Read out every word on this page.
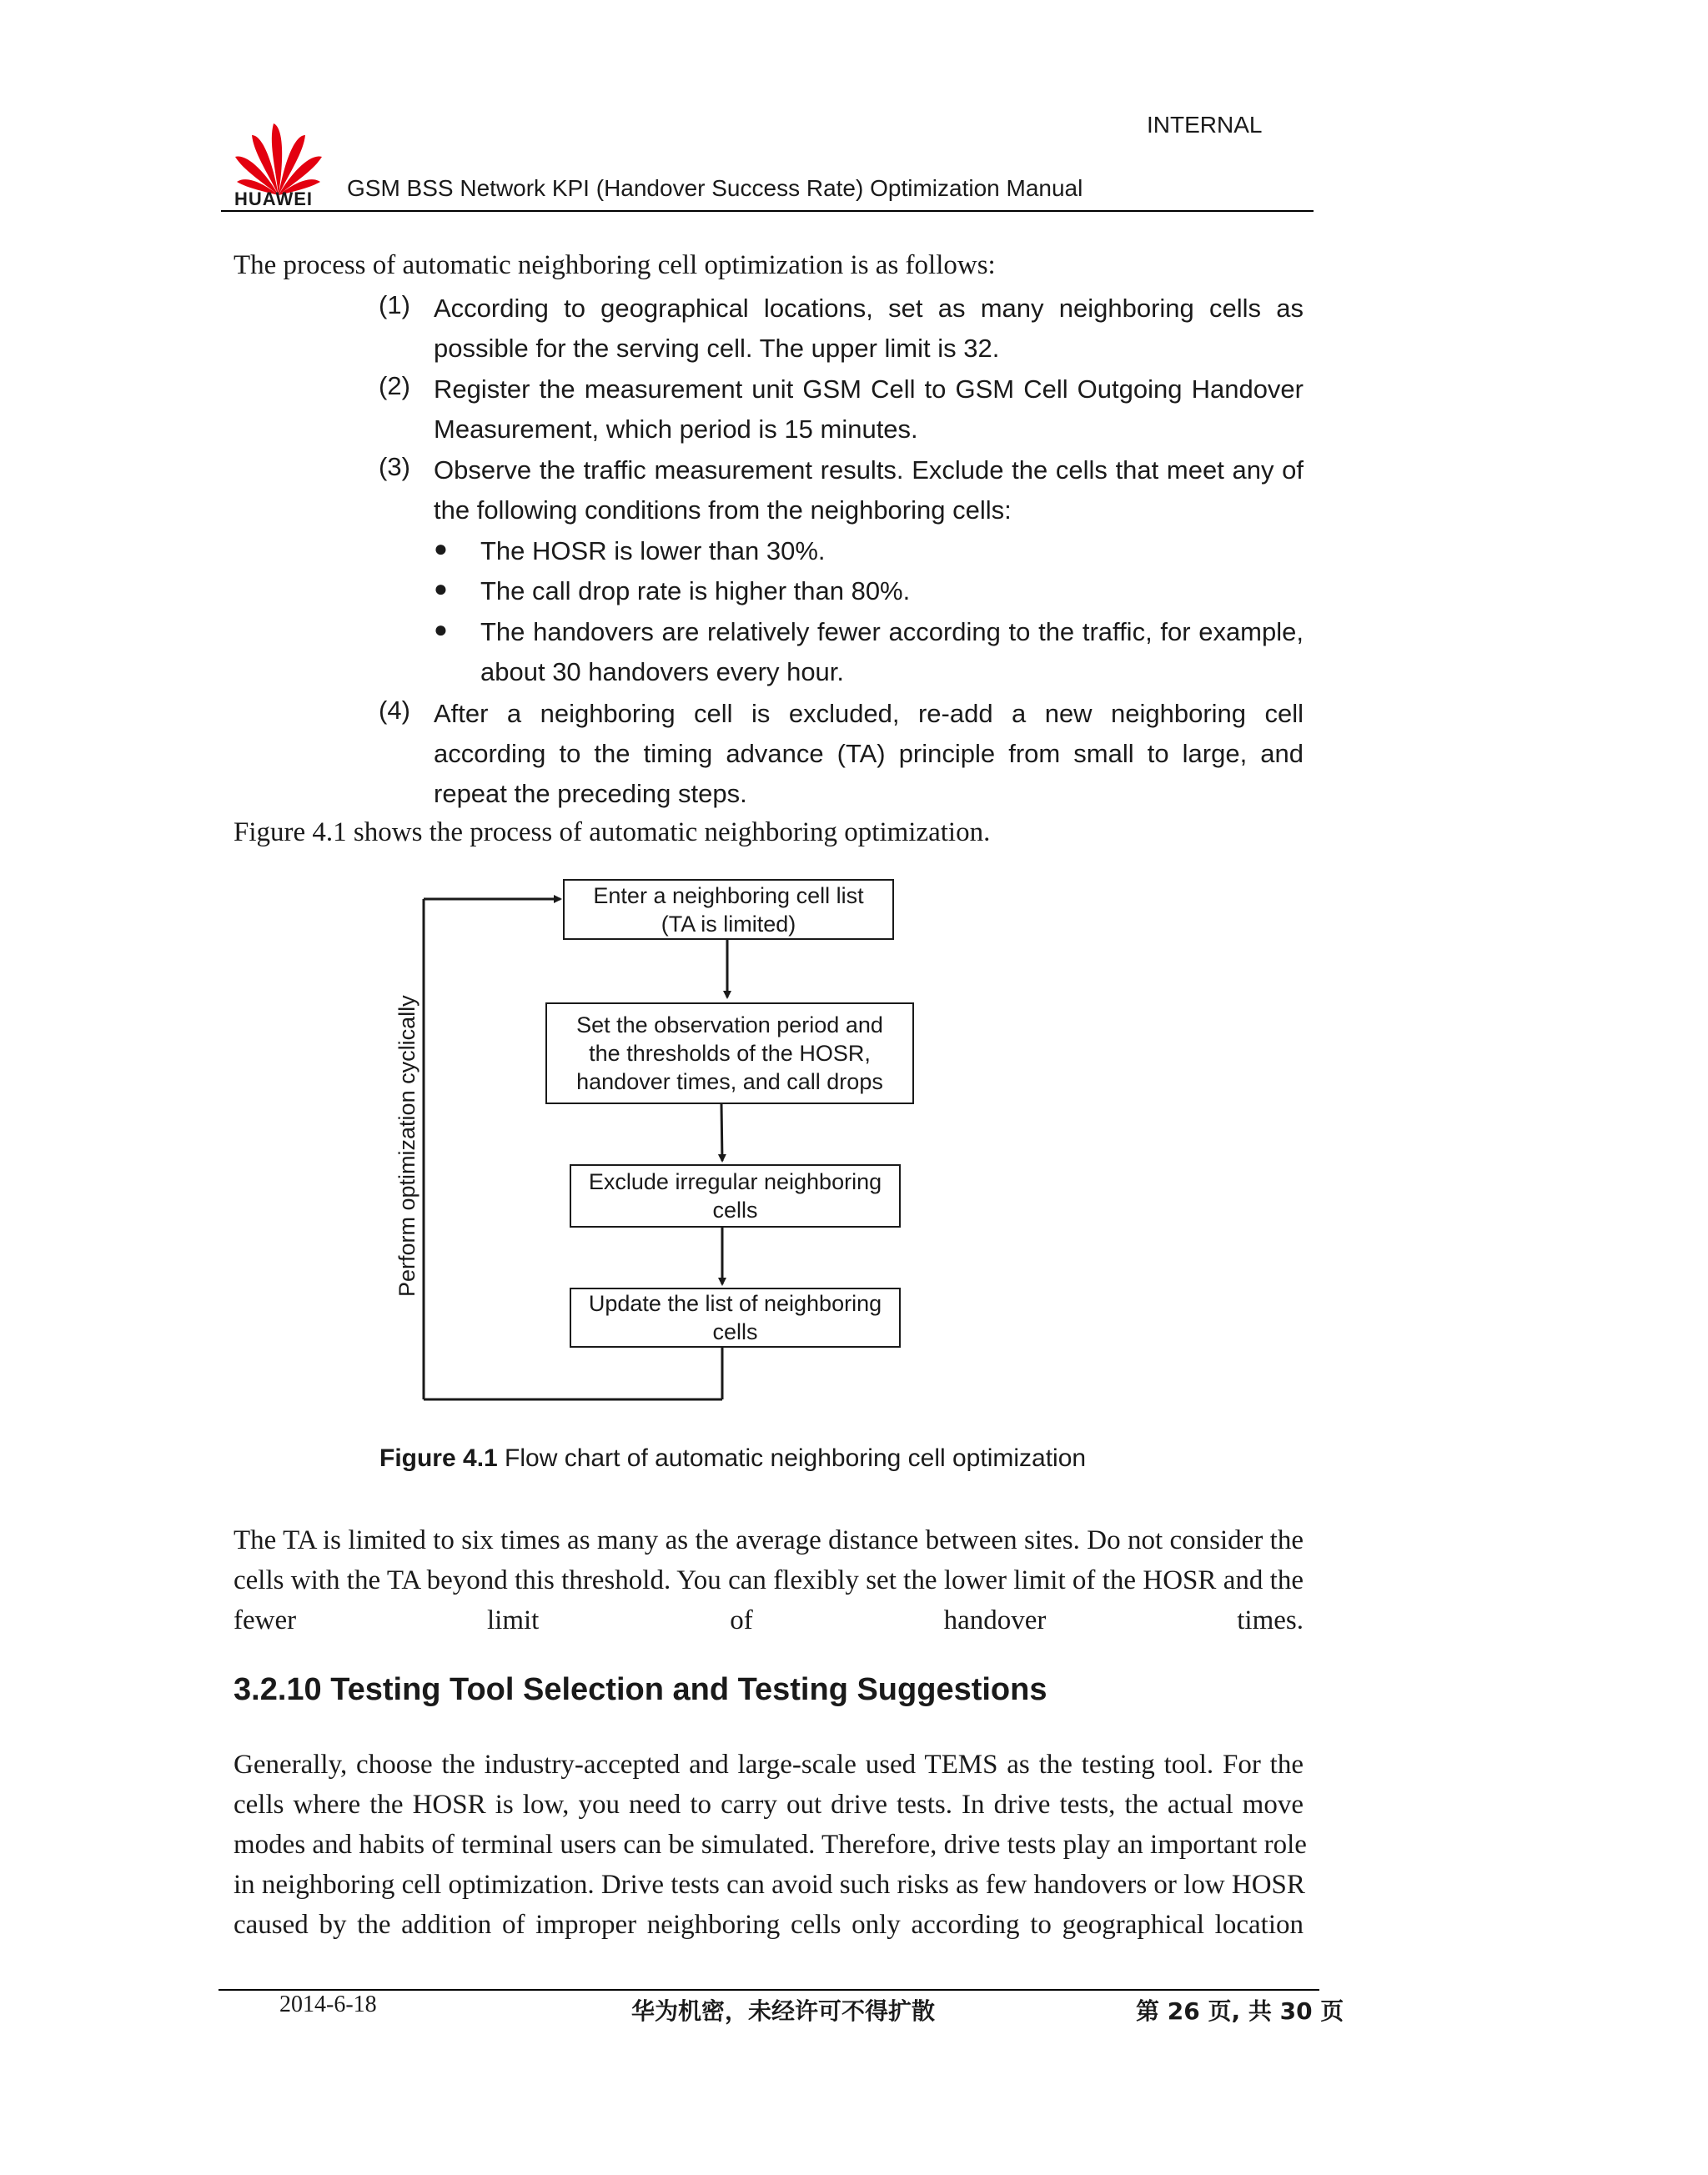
INTERNAL
HUAWEI GSM BSS Network KPI (Handover Success Rate) Optimization Manual
The process of automatic neighboring cell optimization is as follows:
(1) According to geographical locations, set as many neighboring cells as
possible for the serving cell. The upper limit is 32.
(2) Register the measurement unit GSM Cell to GSM Cell Outgoing Handover
Measurement, which period is 15 minutes.
(3) Observe the traffic measurement results. Exclude the cells that meet any of
the following conditions from the neighboring cells:
● The HOSR is lower than 30%.
● The call drop rate is higher than 80%.
● The handovers are relatively fewer according to the traffic, for example,
about 30 handovers every hour.
(4) After a neighboring cell is excluded, re-add a new neighboring cell
according to the timing advance (TA) principle from small to large, and
repeat the preceding steps.
Figure 4.1 shows the process of automatic neighboring optimization.
Enter a neighboring cell list
(TA is limited)
Set the observation period and
the thresholds of the HOSR,
handover times, and call drops
Exclude irregular neighboring
cells
Update the list of neighboring
cells
Perform optimization cyclically
Figure 4.1 Flow chart of automatic neighboring cell optimization
The TA is limited to six times as many as the average distance between sites. Do not consider the
cells with the TA beyond this threshold. You can flexibly set the lower limit of the HOSR and the
fewer limit of handover times.
3.2.10 Testing Tool Selection and Testing Suggestions
Generally, choose the industry-accepted and large-scale used TEMS as the testing tool. For the
cells where the HOSR is low, you need to carry out drive tests. In drive tests, the actual move
modes and habits of terminal users can be simulated. Therefore, drive tests play an important role
in neighboring cell optimization. Drive tests can avoid such risks as few handovers or low HOSR
caused by the addition of improper neighboring cells only according to geographical location
2014-6-18	华为机密，未经许可不得扩散	第 26 页, 共 30 页
